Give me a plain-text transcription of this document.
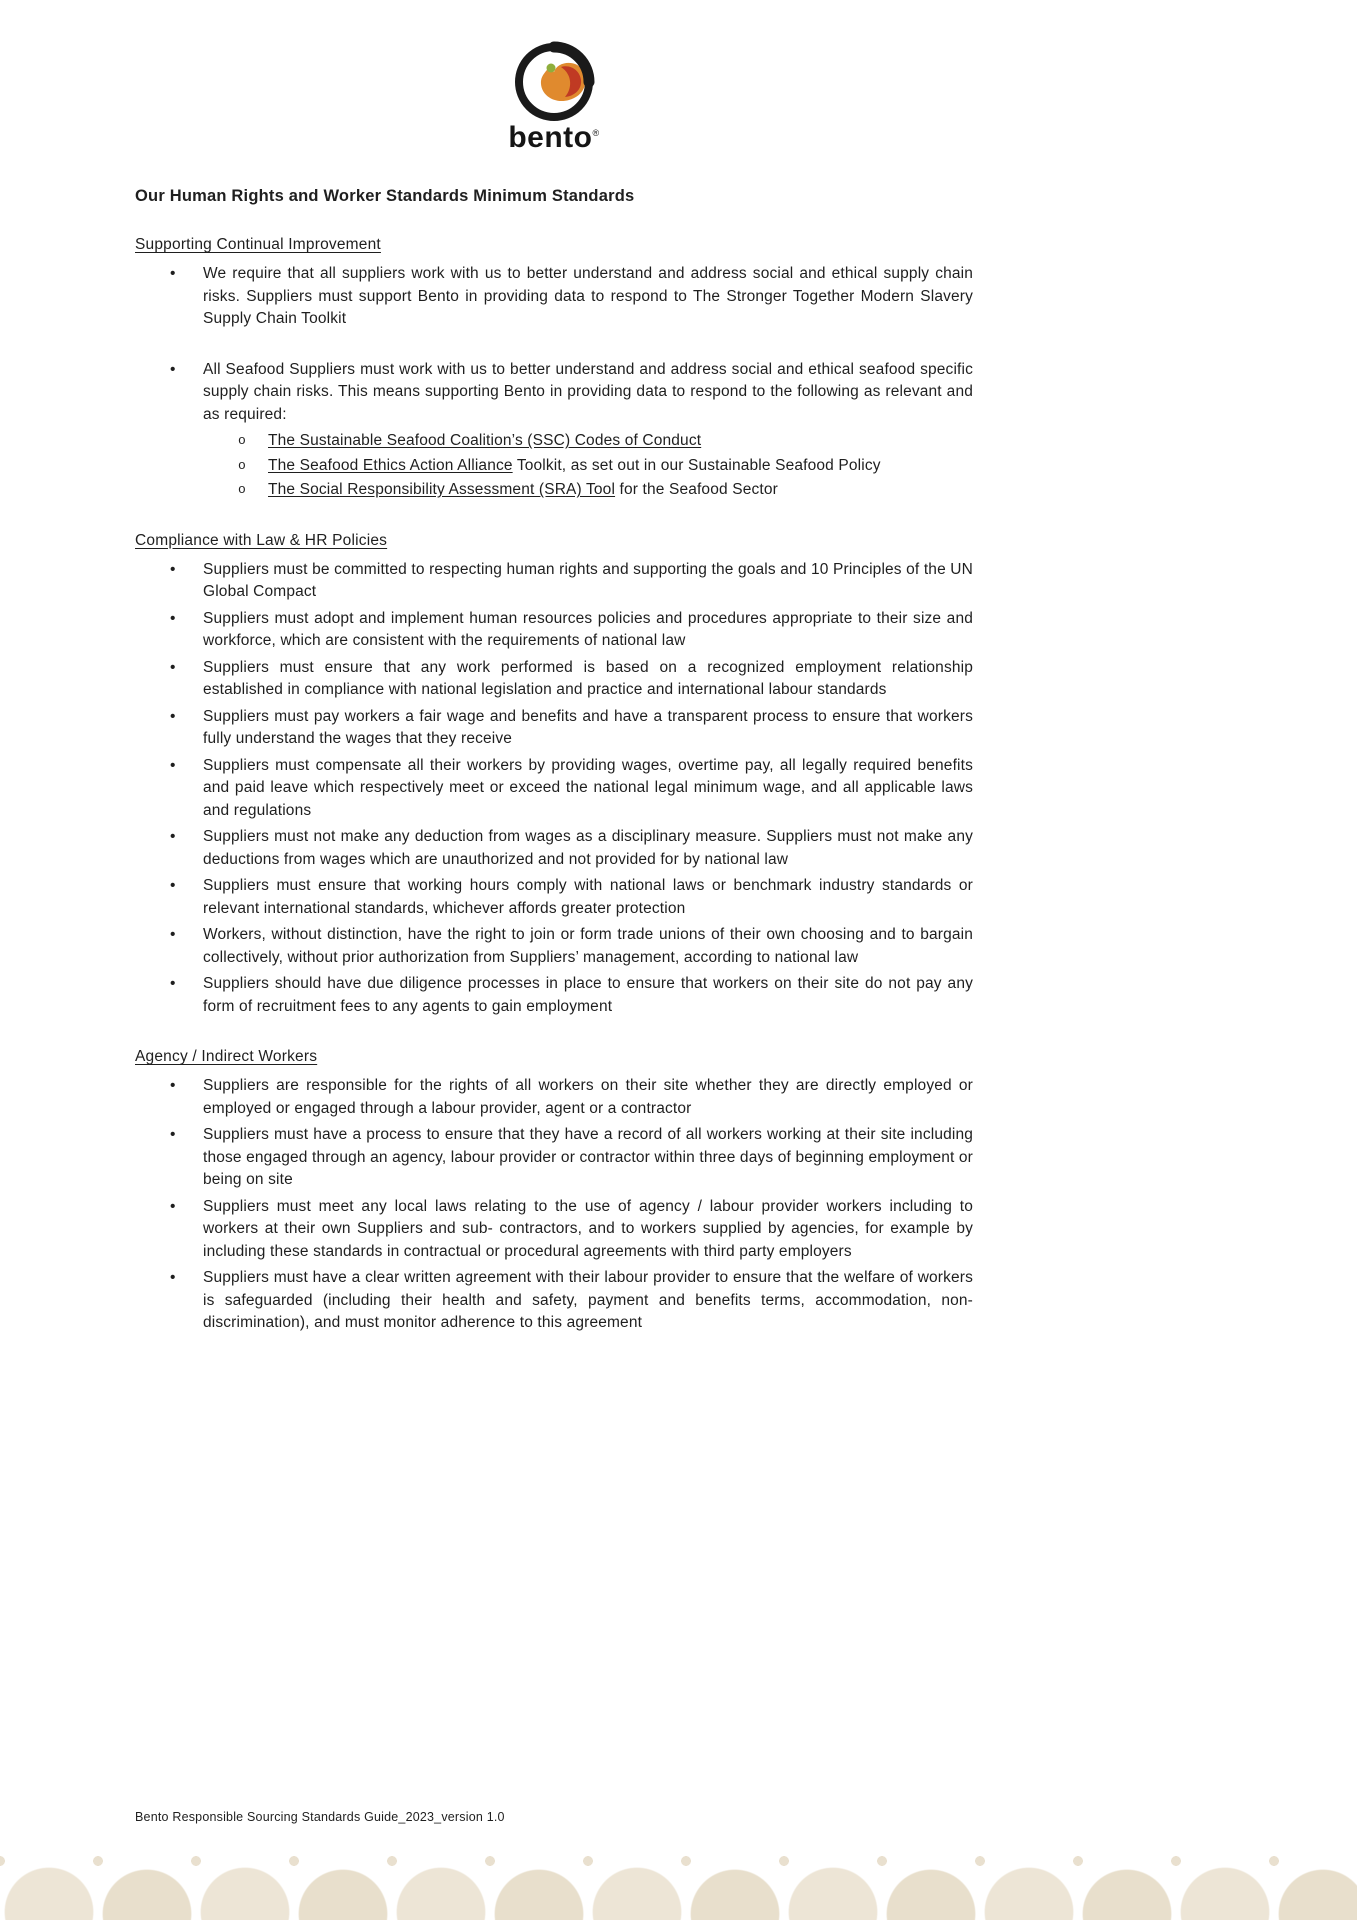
bento®
Our Human Rights and Worker Standards Minimum Standards
Supporting Continual Improvement
•	We require that all suppliers work with us to better understand and address social and ethical supply chain risks. Suppliers must support Bento in providing data to respond to The Stronger Together Modern Slavery Supply Chain Toolkit
•	All Seafood Suppliers must work with us to better understand and address social and ethical seafood specific supply chain risks. This means supporting Bento in providing data to respond to the following as relevant and as required:
o	The Sustainable Seafood Coalition’s (SSC) Codes of Conduct
o	The Seafood Ethics Action Alliance Toolkit, as set out in our Sustainable Seafood Policy
o	The Social Responsibility Assessment (SRA) Tool for the Seafood Sector
Compliance with Law & HR Policies
•	Suppliers must be committed to respecting human rights and supporting the goals and 10 Principles of the UN Global Compact
•	Suppliers must adopt and implement human resources policies and procedures appropriate to their size and workforce, which are consistent with the requirements of national law
•	Suppliers must ensure that any work performed is based on a recognized employment relationship established in compliance with national legislation and practice and international labour standards
•	Suppliers must pay workers a fair wage and benefits and have a transparent process to ensure that workers fully understand the wages that they receive
•	Suppliers must compensate all their workers by providing wages, overtime pay, all legally required benefits and paid leave which respectively meet or exceed the national legal minimum wage, and all applicable laws and regulations
•	Suppliers must not make any deduction from wages as a disciplinary measure. Suppliers must not make any deductions from wages which are unauthorized and not provided for by national law
•	Suppliers must ensure that working hours comply with national laws or benchmark industry standards or relevant international standards, whichever affords greater protection
•	Workers, without distinction, have the right to join or form trade unions of their own choosing and to bargain collectively, without prior authorization from Suppliers’ management, according to national law
•	Suppliers should have due diligence processes in place to ensure that workers on their site do not pay any form of recruitment fees to any agents to gain employment
Agency / Indirect Workers
•	Suppliers are responsible for the rights of all workers on their site whether they are directly employed or employed or engaged through a labour provider, agent or a contractor
•	Suppliers must have a process to ensure that they have a record of all workers working at their site including those engaged through an agency, labour provider or contractor within three days of beginning employment or being on site
•	Suppliers must meet any local laws relating to the use of agency / labour provider workers including to workers at their own Suppliers and sub- contractors, and to workers supplied by agencies, for example by including these standards in contractual or procedural agreements with third party employers
•	Suppliers must have a clear written agreement with their labour provider to ensure that the welfare of workers is safeguarded (including their health and safety, payment and benefits terms, accommodation, non- discrimination), and must monitor adherence to this agreement
Bento Responsible Sourcing Standards Guide_2023_version 1.0
